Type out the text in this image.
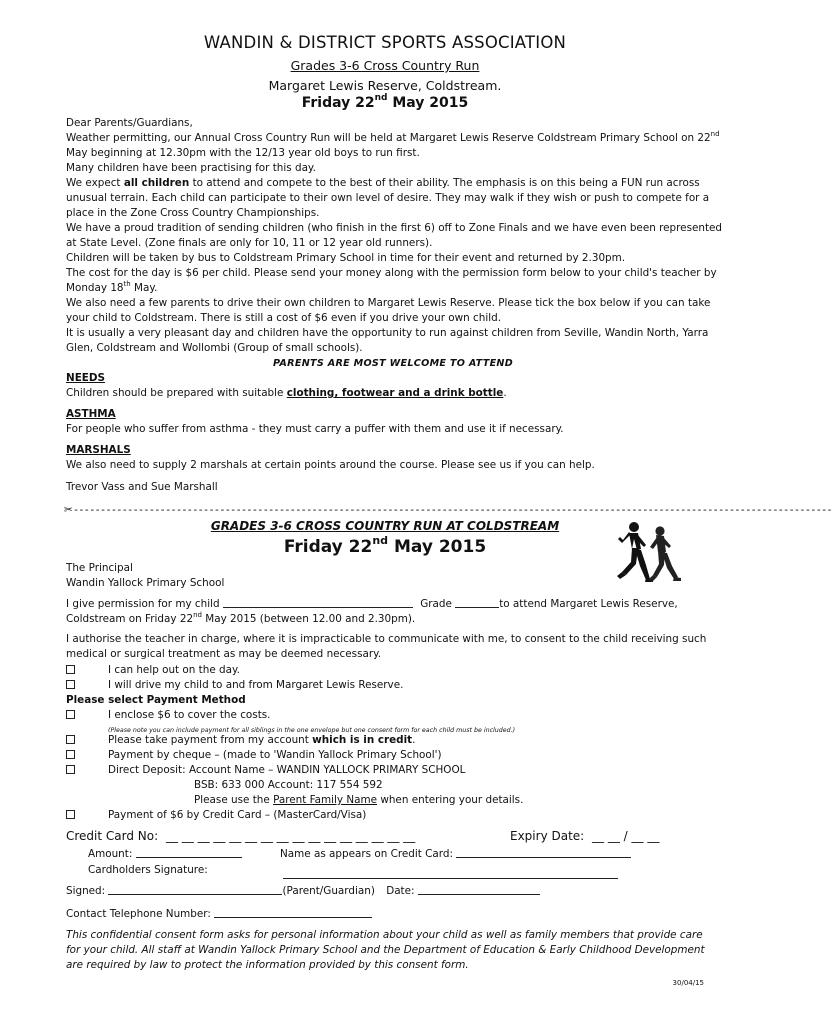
WANDIN & DISTRICT SPORTS ASSOCIATION
Grades 3-6 Cross Country Run
Margaret Lewis Reserve, Coldstream.
Friday 22nd May 2015
Dear Parents/Guardians,
Weather permitting, our Annual Cross Country Run will be held at Margaret Lewis Reserve Coldstream Primary School on 22nd
May beginning at 12.30pm with the 12/13 year old boys to run first.
Many children have been practising for this day.
We expect all children to attend and compete to the best of their ability. The emphasis is on this being a FUN run across
unusual terrain. Each child can participate to their own level of desire. They may walk if they wish or push to compete for a
place in the Zone Cross Country Championships.
We have a proud tradition of sending children (who finish in the first 6) off to Zone Finals and we have even been represented
at State Level. (Zone finals are only for 10, 11 or 12 year old runners).
Children will be taken by bus to Coldstream Primary School in time for their event and returned by 2.30pm.
The cost for the day is $6 per child. Please send your money along with the permission form below to your child's teacher by
Monday 18th May.
We also need a few parents to drive their own children to Margaret Lewis Reserve. Please tick the box below if you can take
your child to Coldstream. There is still a cost of $6 even if you drive your own child.
It is usually a very pleasant day and children have the opportunity to run against children from Seville, Wandin North, Yarra
Glen, Coldstream and Wollombi (Group of small schools).
PARENTS ARE MOST WELCOME TO ATTEND
NEEDS
Children should be prepared with suitable clothing, footwear and a drink bottle.
ASTHMA
For people who suffer from asthma - they must carry a puffer with them and use it if necessary.
MARSHALS
We also need to supply 2 marshals at certain points around the course. Please see us if you can help.
Trevor Vass and Sue Marshall
✂--------------------------------------------------------------------------------------------------------------------------------------------
GRADES 3-6 CROSS COUNTRY RUN AT COLDSTREAM
Friday 22nd May 2015
The Principal
Wandin Yallock Primary School
I give permission for my child	Grade	to attend Margaret Lewis Reserve,
Coldstream on Friday 22nd May 2015 (between 12.00 and 2.30pm).
I authorise the teacher in charge, where it is impracticable to communicate with me, to consent to the child receiving such
medical or surgical treatment as may be deemed necessary.
I can help out on the day.
I will drive my child to and from Margaret Lewis Reserve.
Please select Payment Method
I enclose $6 to cover the costs.
(Please note you can include payment for all siblings in the one envelope but one consent form for each child must be included.)
Please take payment from my account which is in credit.
Payment by cheque – (made to 'Wandin Yallock Primary School')
Direct Deposit: Account Name – WANDIN YALLOCK PRIMARY SCHOOL
BSB: 633 000 Account: 117 554 592
Please use the Parent Family Name when entering your details.
Payment of $6 by Credit Card – (MasterCard/Visa)
Credit Card No: __ __ __ __ __ __ __ __ __ __ __ __ __ __ __ __	Expiry Date: __ __ / __ __
Amount:	Name as appears on Credit Card:
Cardholders Signature:

Signed:	(Parent/Guardian) Date:
Contact Telephone Number:
This confidential consent form asks for personal information about your child as well as family members that provide care for your child. All staff at Wandin Yallock Primary School and the Department of Education & Early Childhood Development are required by law to protect the information provided by this consent form.
30/04/15
